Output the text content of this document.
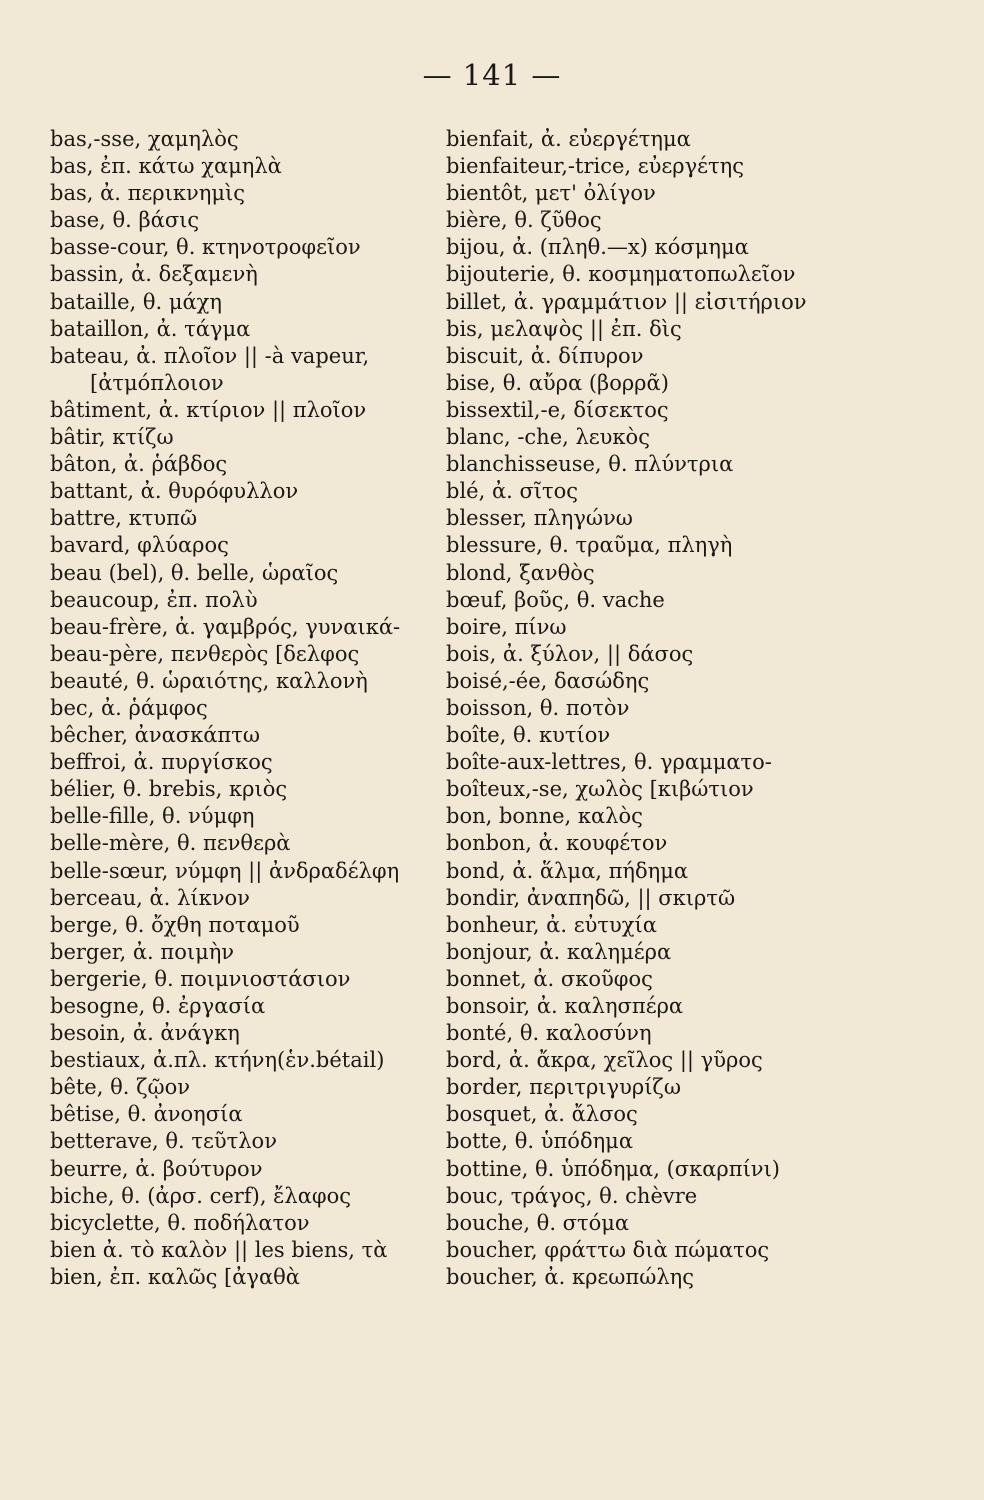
— 141 —
bas,-sse, χαμηλὸς
bas, ἐπ. κάτω χαμηλὰ
bas, ἀ. περικνημὶς
base, θ. βάσις
basse-cour, θ. κτηνοτροφεῖον
bassin, ἀ. δεξαμενὴ
bataille, θ. μάχη
bataillon, ἀ. τάγμα
bateau, ἀ. πλοῖον || -à vapeur,
[ἀτμόπλοιον
bâtiment, ἀ. κτίριον || πλοῖον
bâtir, κτίζω
bâton, ἀ. ῥάβδος
battant, ἀ. θυρόφυλλον
battre, κτυπῶ
bavard, φλύαρος
beau (bel), θ. belle, ὡραῖος
beaucoup, ἐπ. πολὺ
beau-frère, ἀ. γαμβρός, γυναικά-
beau-père, πενθερὸς [δελφος
beauté, θ. ὡραιότης, καλλονὴ
bec, ἀ. ῥάμφος
bêcher, ἀνασκάπτω
beffroi, ἀ. πυργίσκος
bélier, θ. brebis, κριὸς
belle-fille, θ. νύμφη
belle-mère, θ. πενθερὰ
belle-sœur, νύμφη || ἀνδραδέλφη
berceau, ἀ. λίκνον
berge, θ. ὄχθη ποταμοῦ
berger, ἀ. ποιμὴν
bergerie, θ. ποιμνιοστάσιον
besogne, θ. ἐργασία
besoin, ἀ. ἀνάγκη
bestiaux, ἀ.πλ. κτήνη(ἑν.bétail)
bête, θ. ζῷον
bêtise, θ. ἀνοησία
betterave, θ. τεῦτλον
beurre, ἀ. βούτυρον
biche, θ. (ἀρσ. cerf), ἔλαφος
bicyclette, θ. ποδήλατον
bien ἀ. τὸ καλὸν || les biens, τὰ
bien, ἐπ. καλῶς [ἀγαθὰ
bienfait, ἀ. εὐεργέτημα
bienfaiteur,-trice, εὐεργέτης
bientôt, μετ' ὀλίγον
bière, θ. ζῦθος
bijou, ἀ. (πληθ.—x) κόσμημα
bijouterie, θ. κοσμηματοπωλεῖον
billet, ἀ. γραμμάτιον || εἰσιτήριον
bis, μελαψὸς || ἐπ. δὶς
biscuit, ἀ. δίπυρον
bise, θ. αὔρα (βορρᾶ)
bissextil,-e, δίσεκτος
blanc, -che, λευκὸς
blanchisseuse, θ. πλύντρια
blé, ἀ. σῖτος
blesser, πληγώνω
blessure, θ. τραῦμα, πληγὴ
blond, ξανθὸς
bœuf, βοῦς, θ. vache
boire, πίνω
bois, ἀ. ξύλον, || δάσος
boisé,-ée, δασώδης
boisson, θ. ποτὸν
boîte, θ. κυτίον
boîte-aux-lettres, θ. γραμματο-
boîteux,-se, χωλὸς [κιβώτιον
bon, bonne, καλὸς
bonbon, ἀ. κουφέτον
bond, ἀ. ἅλμα, πήδημα
bondir, ἀναπηδῶ, || σκιρτῶ
bonheur, ἀ. εὐτυχία
bonjour, ἀ. καλημέρα
bonnet, ἀ. σκοῦφος
bonsoir, ἀ. καλησπέρα
bonté, θ. καλοσύνη
bord, ἀ. ἄκρα, χεῖλος || γῦρος
border, περιτριγυρίζω
bosquet, ἀ. ἄλσος
botte, θ. ὑπόδημα
bottine, θ. ὑπόδημα, (σκαρπίνι)
bouc, τράγος, θ. chèvre
bouche, θ. στόμα
boucher, φράττω διὰ πώματος
boucher, ἀ. κρεωπώλης
